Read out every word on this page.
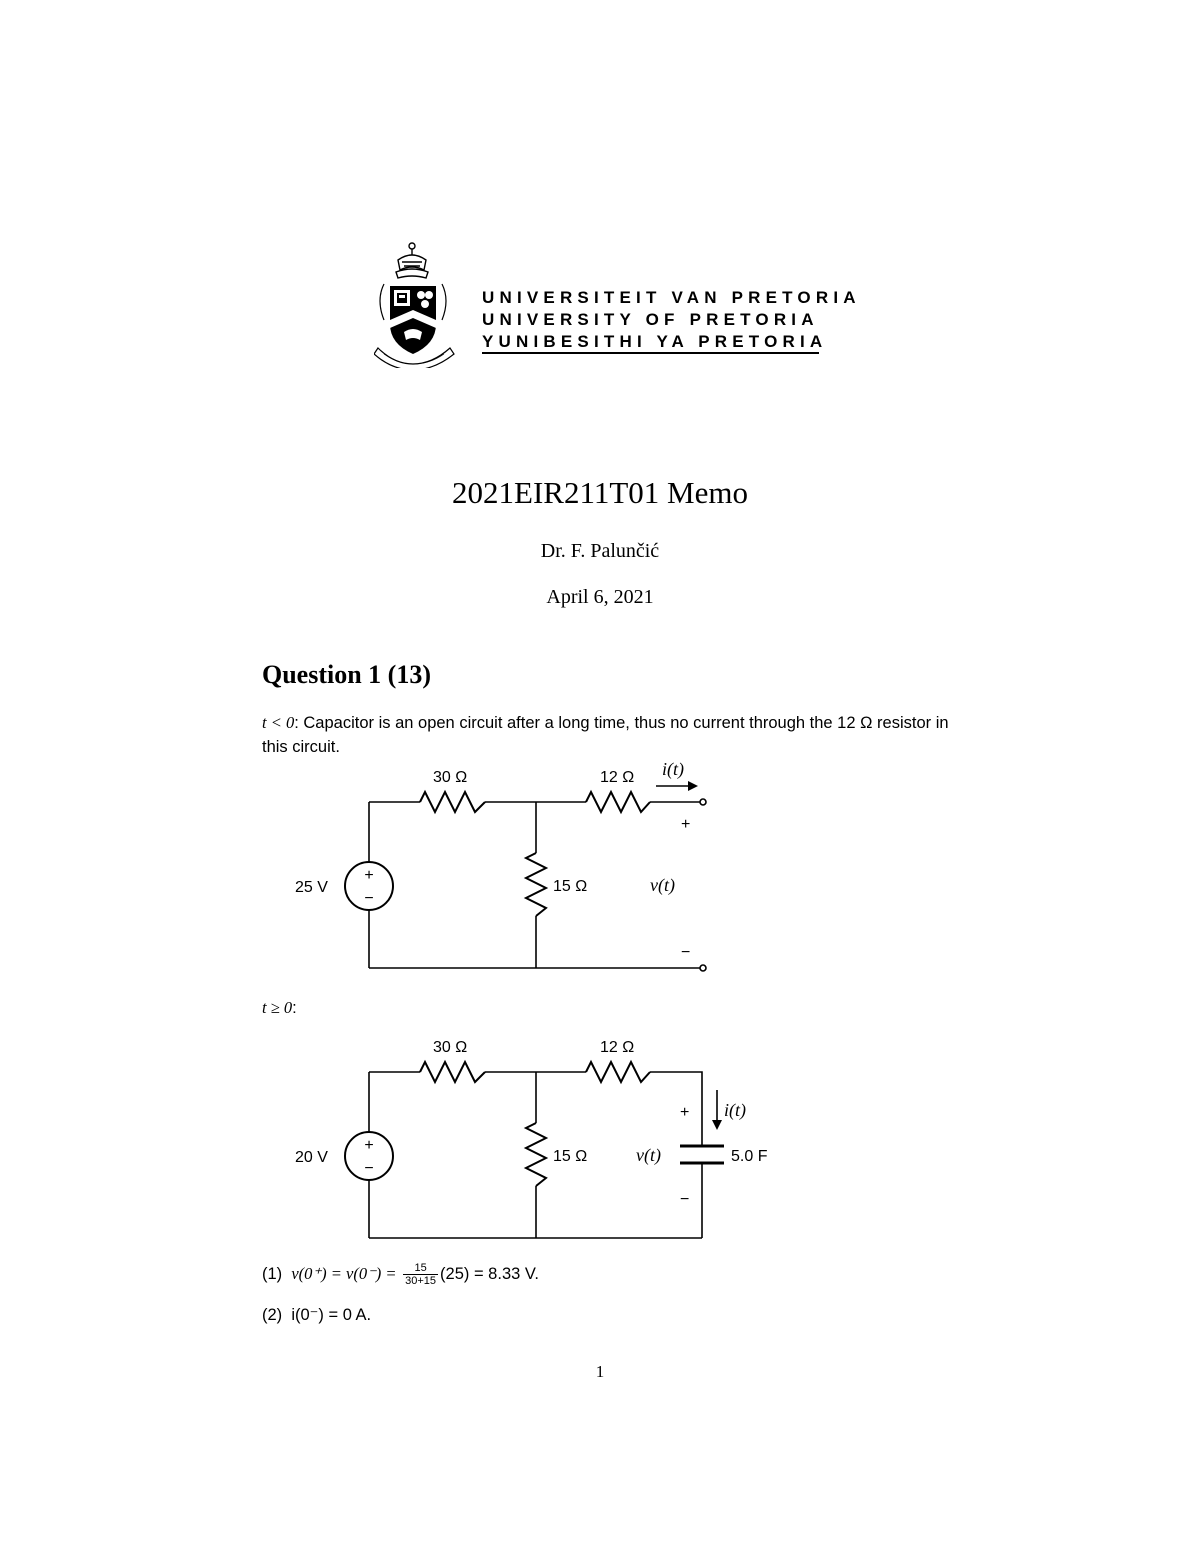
UNIVERSITEIT VAN PRETORIA
UNIVERSITY OF PRETORIA
YUNIBESITHI YA PRETORIA
2021EIR211T01 Memo
Dr. F. Palunčić
April 6, 2021
Question 1 (13)
t < 0: Capacitor is an open circuit after a long time, thus no current through the 12 Ω resistor in this circuit.
+
−
25 V
30 Ω	12 Ω
15 Ω
i(t)
v(t)
+
−
t ≥ 0:
+
−
20 V
30 Ω	12 Ω
15 Ω
i(t)
v(t)	5.0 F
+
−
(1) $v(0^+) = v(0^-) = \frac{15}{30+15} (25) = 8.33$ V.
(2) i(0⁻) = 0 A.
1
